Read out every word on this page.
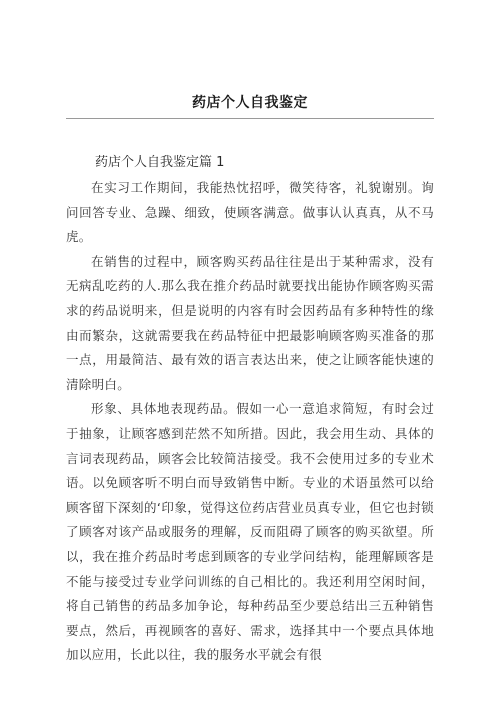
药店个人自我鉴定
药店个人自我鉴定篇 1

在实习工作期间，我能热忱招呼，微笑待客，礼貌谢别。询问回答专业、急躁、细致，使顾客满意。做事认认真真，从不马虎。

在销售的过程中，顾客购买药品往往是出于某种需求，没有无病乱吃药的人.那么我在推介药品时就要找出能协作顾客购买需求的药品说明来，但是说明的内容有时会因药品有多种特性的缘由而繁杂，这就需要我在药品特征中把最影响顾客购买准备的那一点，用最简洁、最有效的语言表达出来，使之让顾客能快速的清除明白。

形象、具体地表现药品。假如一心一意追求简短，有时会过于抽象，让顾客感到茫然不知所措。因此，我会用生动、具体的言词表现药品，顾客会比较简洁接受。我不会使用过多的专业术语。以免顾客听不明白而导致销售中断。专业的术语虽然可以给顾客留下深刻的‘印象，觉得这位药店营业员真专业，但它也封锁了顾客对该产品或服务的理解，反而阻碍了顾客的购买欲望。所以，我在推介药品时考虑到顾客的专业学问结构，能理解顾客是不能与接受过专业学问训练的自己相比的。我还利用空闲时间，将自己销售的药品多加争论，每种药品至少要总结出三五种销售要点，然后，再视顾客的喜好、需求，选择其中一个要点具体地加以应用，长此以往，我的服务水平就会有很
